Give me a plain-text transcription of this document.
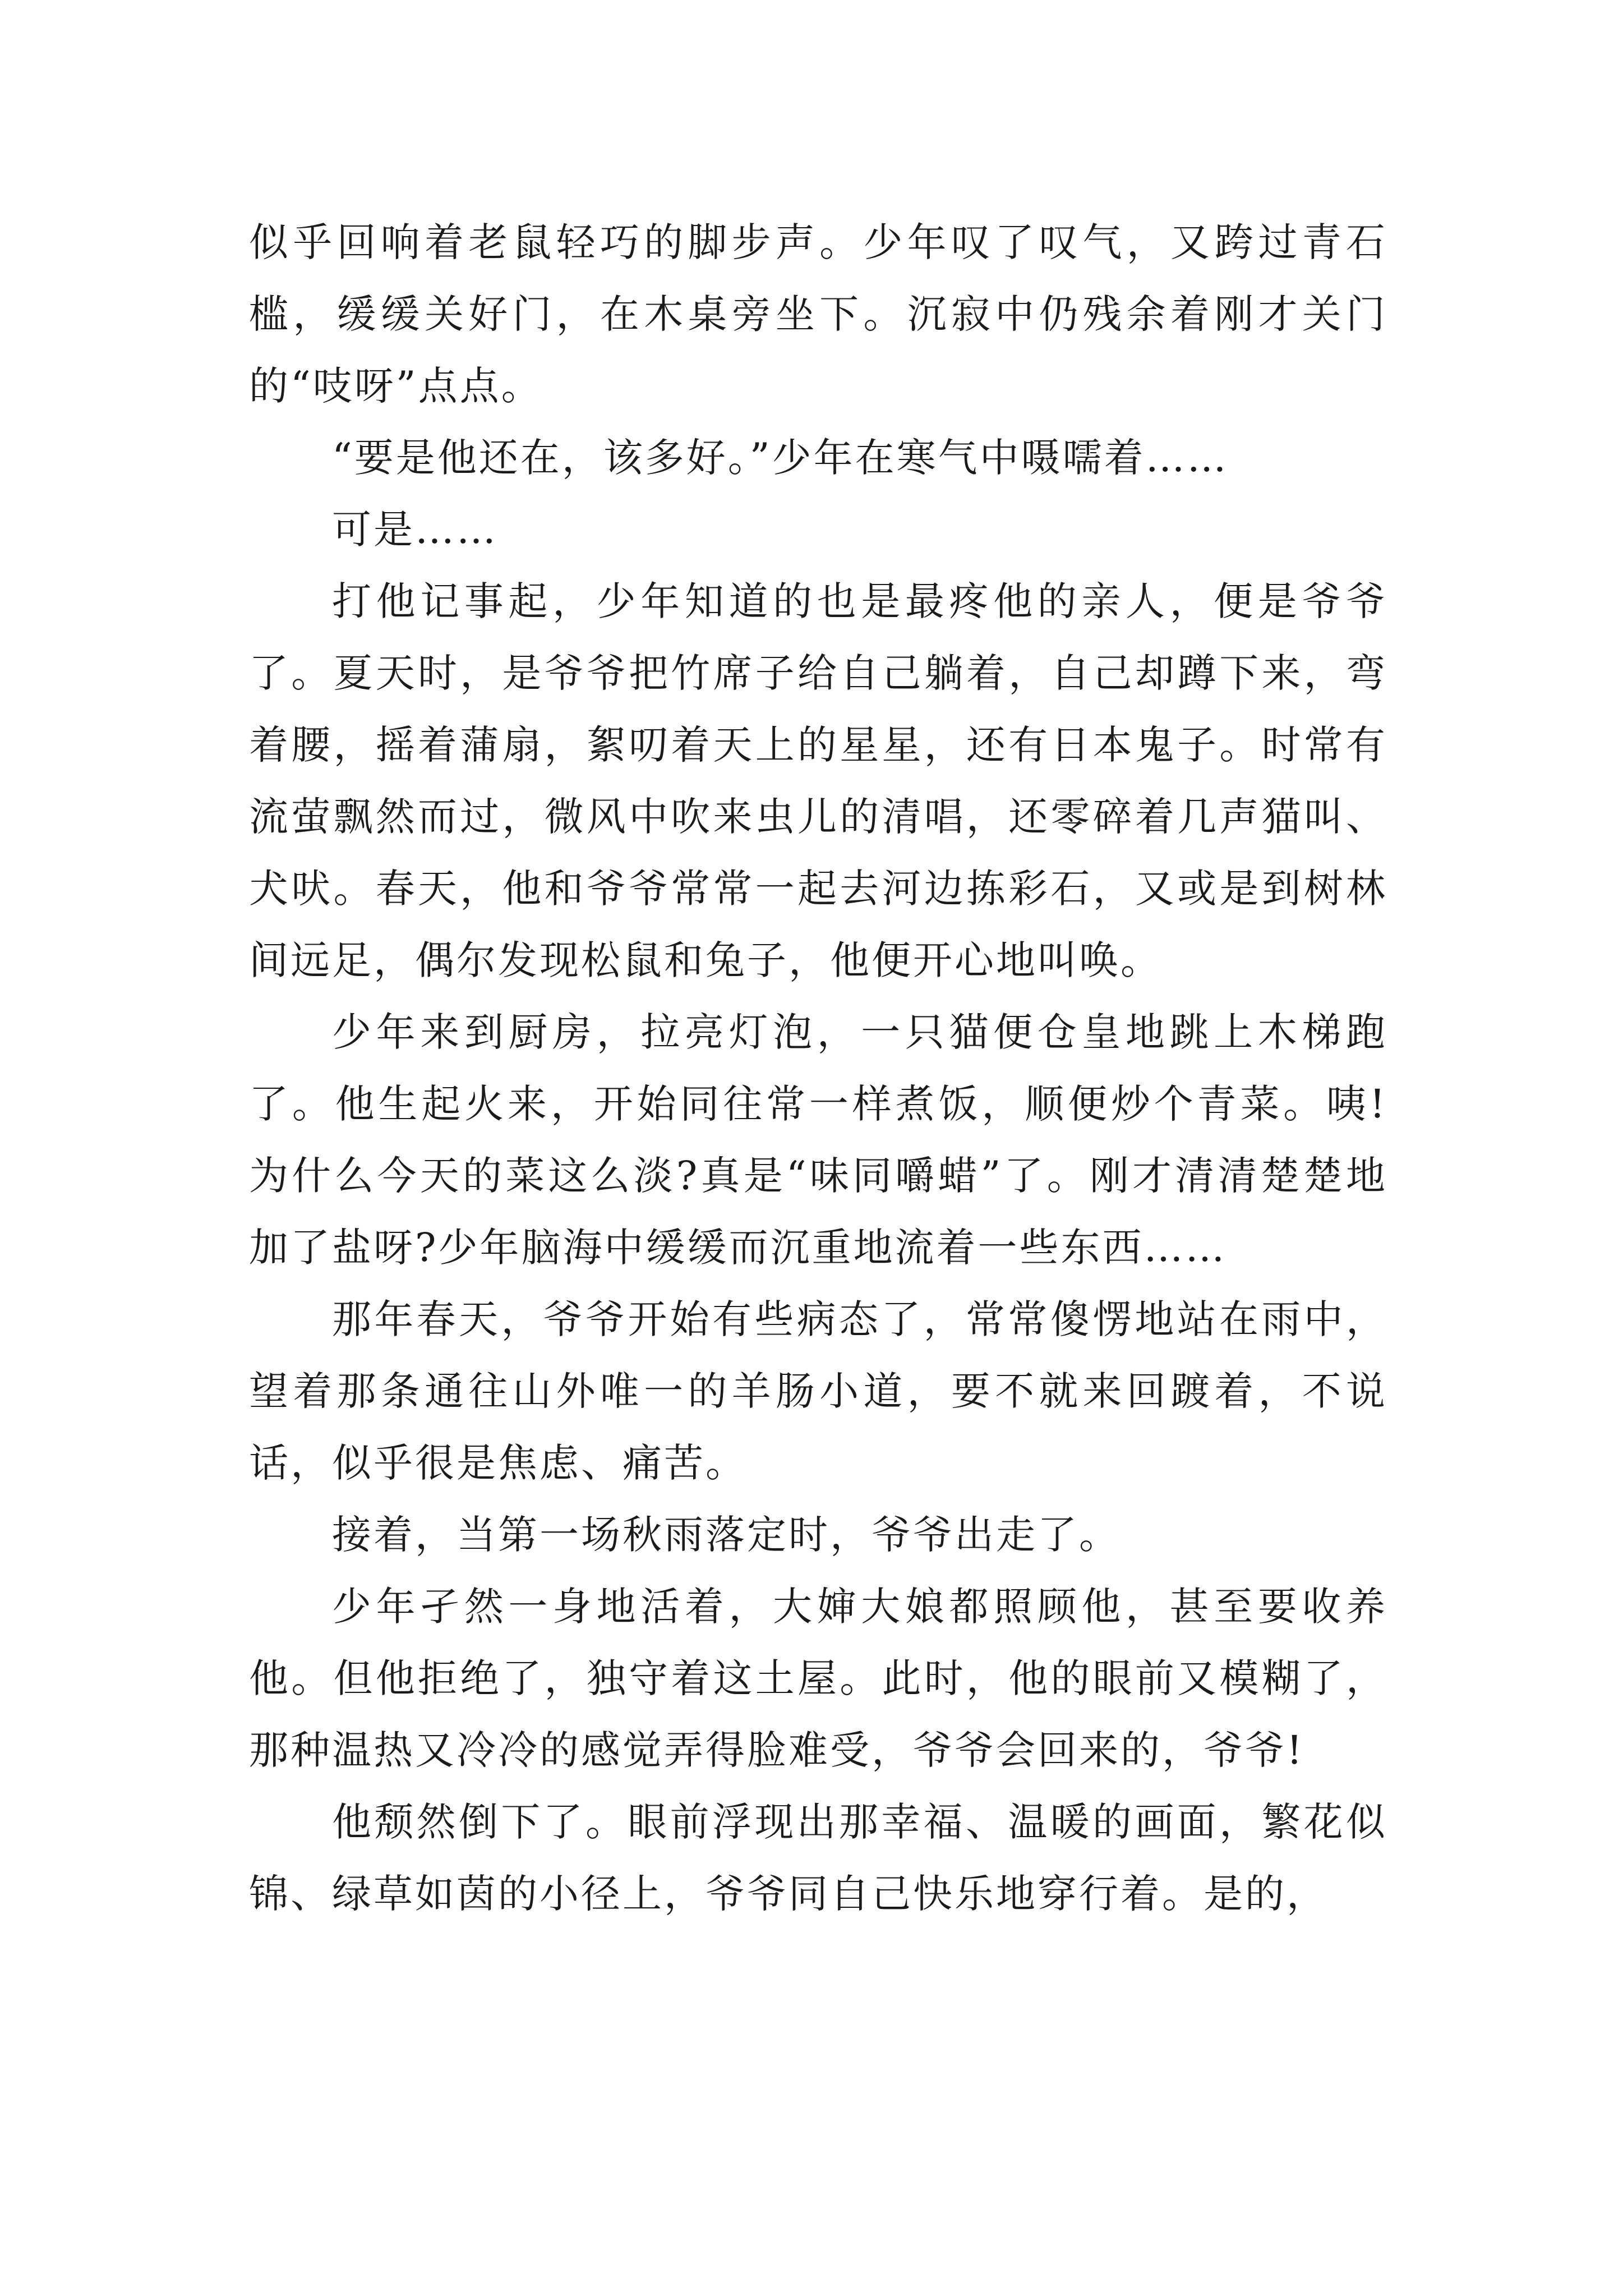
似乎回响着老鼠轻巧的脚步声。少年叹了叹气，又跨过青石槛，缓缓关好门，在木桌旁坐下。沉寂中仍残余着刚才关门的“吱呀”点点。

“要是他还在，该多好。”少年在寒气中嗫嚅着……

可是……

打他记事起，少年知道的也是最疼他的亲人，便是爷爷了。夏天时，是爷爷把竹席子给自己躺着，自己却蹲下来，弯着腰，摇着蒲扇，絮叨着天上的星星，还有日本鬼子。时常有流萤飘然而过，微风中吹来虫儿的清唱，还零碎着几声猫叫、犬吠。春天，他和爷爷常常一起去河边拣彩石，又或是到树林间远足，偶尔发现松鼠和兔子，他便开心地叫唤。

少年来到厨房，拉亮灯泡，一只猫便仓皇地跳上木梯跑了。他生起火来，开始同往常一样煮饭，顺便炒个青菜。咦!为什么今天的菜这么淡?真是“味同嚼蜡”了。刚才清清楚楚地加了盐呀?少年脑海中缓缓而沉重地流着一些东西……

那年春天，爷爷开始有些病态了，常常傻愣地站在雨中，望着那条通往山外唯一的羊肠小道，要不就来回踱着，不说话，似乎很是焦虑、痛苦。

接着，当第一场秋雨落定时，爷爷出走了。

少年孑然一身地活着，大婶大娘都照顾他，甚至要收养他。但他拒绝了，独守着这土屋。此时，他的眼前又模糊了，那种温热又冷冷的感觉弄得脸难受，爷爷会回来的，爷爷!

他颓然倒下了。眼前浮现出那幸福、温暖的画面，繁花似锦、绿草如茵的小径上，爷爷同自己快乐地穿行着。是的，
